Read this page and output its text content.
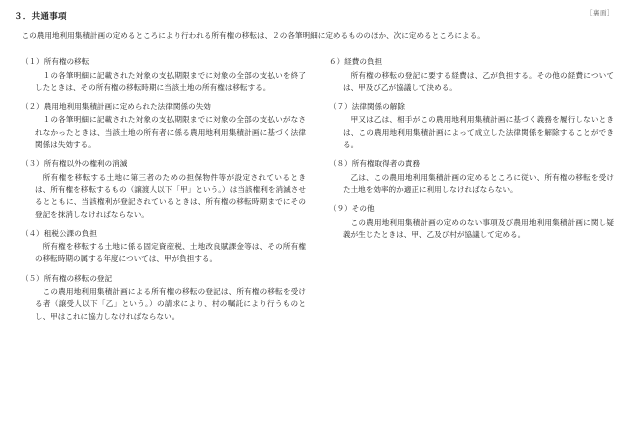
［裏面］
３．共通事項

この農用地利用集積計画の定めるところにより行われる所有権の移転は、２の各筆明細に定めるもののほか、次に定めるところによる。

（１）所有権の移転

１の各筆明細に記載された対象の支払期限までに対象の全部の支払いを終了したときは、その所有権の移転時期に当該土地の所有権は移転する。

（２）農用地利用集積計画に定められた法律関係の失効

１の各筆明細に記載された対象の支払期限までに対象の全部の支払いがなされなかったときは、当該土地の所有者に係る農用地利用集積計画に基づく法律関係は失効する。

（３）所有権以外の権利の消滅

所有権を移転する土地に第三者のための担保物件等が設定されているときは、所有権を移転するもの（譲渡人以下「甲」という。）は当該権利を消滅させるとともに、当該権利が登記されているときは、所有権の移転時期までにその登記を抹消しなければならない。

（４）租税公課の負担

所有権を移転する土地に係る固定資産税、土地改良賦課金等は、その所有権の移転時期の属する年度については、甲が負担する。

（５）所有権の移転の登記

この農用地利用集積計画による所有権の移転の登記は、所有権の移転を受ける者（譲受人以下「乙」という。）の請求により、村の嘱託により行うものとし、甲はこれに協力しなければならない。

６）経費の負担

所有権の移転の登記に要する経費は、乙が負担する。その他の経費については、甲及び乙が協議して決める。

（７）法律関係の解除

甲又は乙は、相手がこの農用地利用集積計画に基づく義務を履行しないときは、この農用地利用集積計画によって成立した法律関係を解除することができる。

（８）所有権取得者の責務

乙は、この農用地利用集積計画の定めるところに従い、所有権の移転を受けた土地を効率的か適正に利用しなければならない。

（９）その他

この農用地利用集積計画の定めのない事項及び農用地利用集積計画に関し疑義が生じたときは、甲、乙及び村が協議して定める。
